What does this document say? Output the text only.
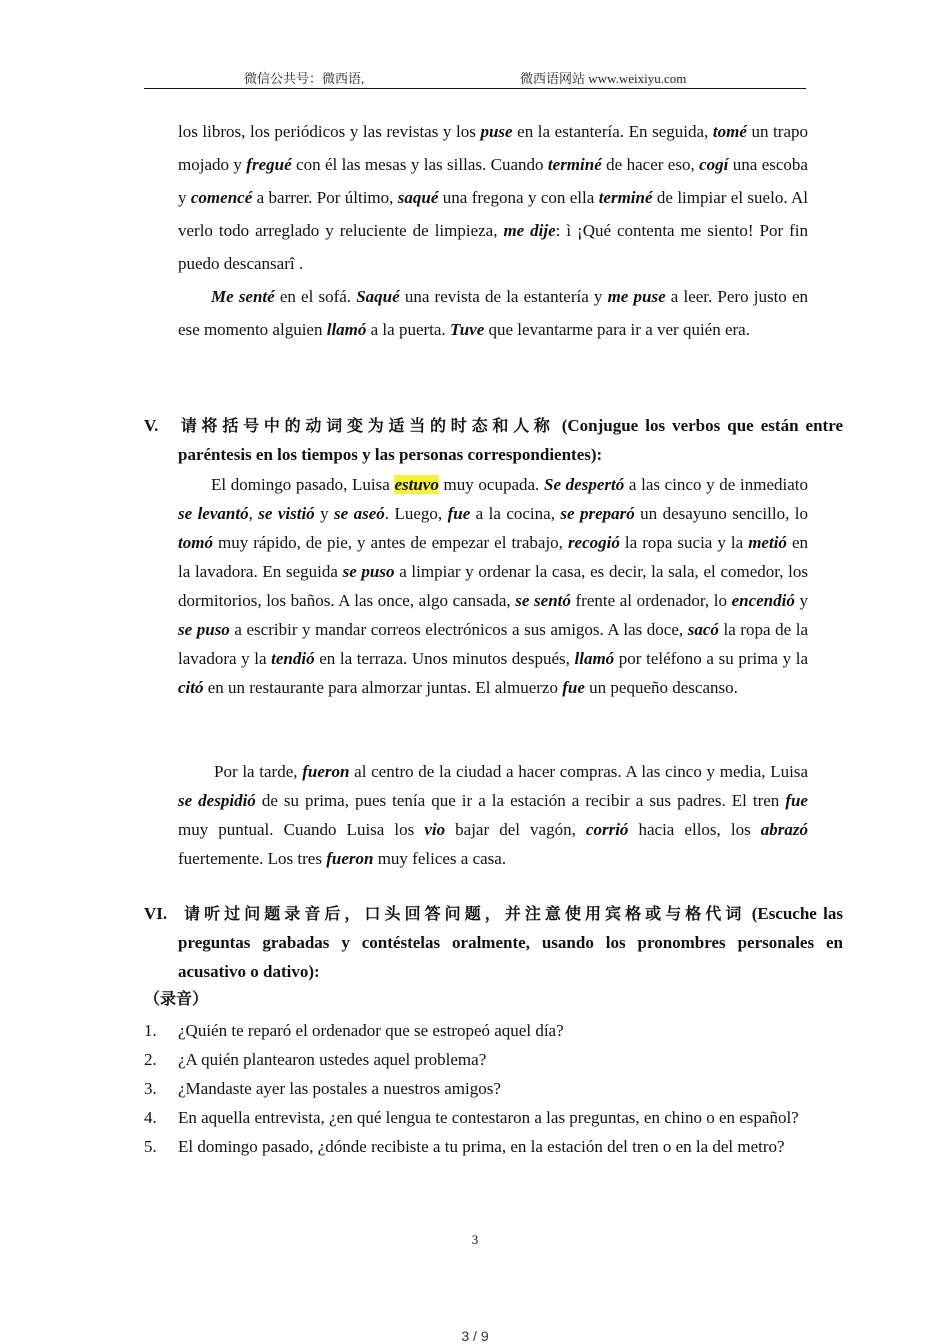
微信公共号：微西语,	微西语网站 www.weixiyu.com
los libros, los periódicos y las revistas y los puse en la estantería. En seguida, tomé un trapo mojado y fregué con él las mesas y las sillas. Cuando terminé de hacer eso, cogí una escoba y comencé a barrer. Por último, saqué una fregona y con ella terminé de limpiar el suelo. Al verlo todo arreglado y reluciente de limpieza, me dije: ì ¡Qué contenta me siento! Por fin puedo descansarî .
Me senté en el sofá. Saqué una revista de la estantería y me puse a leer. Pero justo en ese momento alguien llamó a la puerta. Tuve que levantarme para ir a ver quién era.
V. 请将括号中的动词变为适当的时态和人称 (Conjugue los verbos que están entre paréntesis en los tiempos y las personas correspondientes):
El domingo pasado, Luisa estuvo muy ocupada. Se despertó a las cinco y de inmediato se levantó, se vistió y se aseó. Luego, fue a la cocina, se preparó un desayuno sencillo, lo tomó muy rápido, de pie, y antes de empezar el trabajo, recogió la ropa sucia y la metió en la lavadora. En seguida se puso a limpiar y ordenar la casa, es decir, la sala, el comedor, los dormitorios, los baños. A las once, algo cansada, se sentó frente al ordenador, lo encendió y se puso a escribir y mandar correos electrónicos a sus amigos. A las doce, sacó la ropa de la lavadora y la tendió en la terraza. Unos minutos después, llamó por teléfono a su prima y la citó en un restaurante para almorzar juntas. El almuerzo fue un pequeño descanso.
Por la tarde, fueron al centro de la ciudad a hacer compras. A las cinco y media, Luisa se despidió de su prima, pues tenía que ir a la estación a recibir a sus padres. El tren fue muy puntual. Cuando Luisa los vio bajar del vagón, corrió hacia ellos, los abrazó fuertemente. Los tres fueron muy felices a casa.
VI. 请听过问题录音后，口头回答问题，并注意使用宾格或与格代词 (Escuche las preguntas grabadas y contéstelas oralmente, usando los pronombres personales en acusativo o dativo):
（录音）
1. ¿Quién te reparó el ordenador que se estropeó aquel día?
2. ¿A quién plantearon ustedes aquel problema?
3. ¿Mandaste ayer las postales a nuestros amigos?
4. En aquella entrevista, ¿en qué lengua te contestaron a las preguntas, en chino o en español?
5. El domingo pasado, ¿dónde recibiste a tu prima, en la estación del tren o en la del metro?
3
3 / 9
